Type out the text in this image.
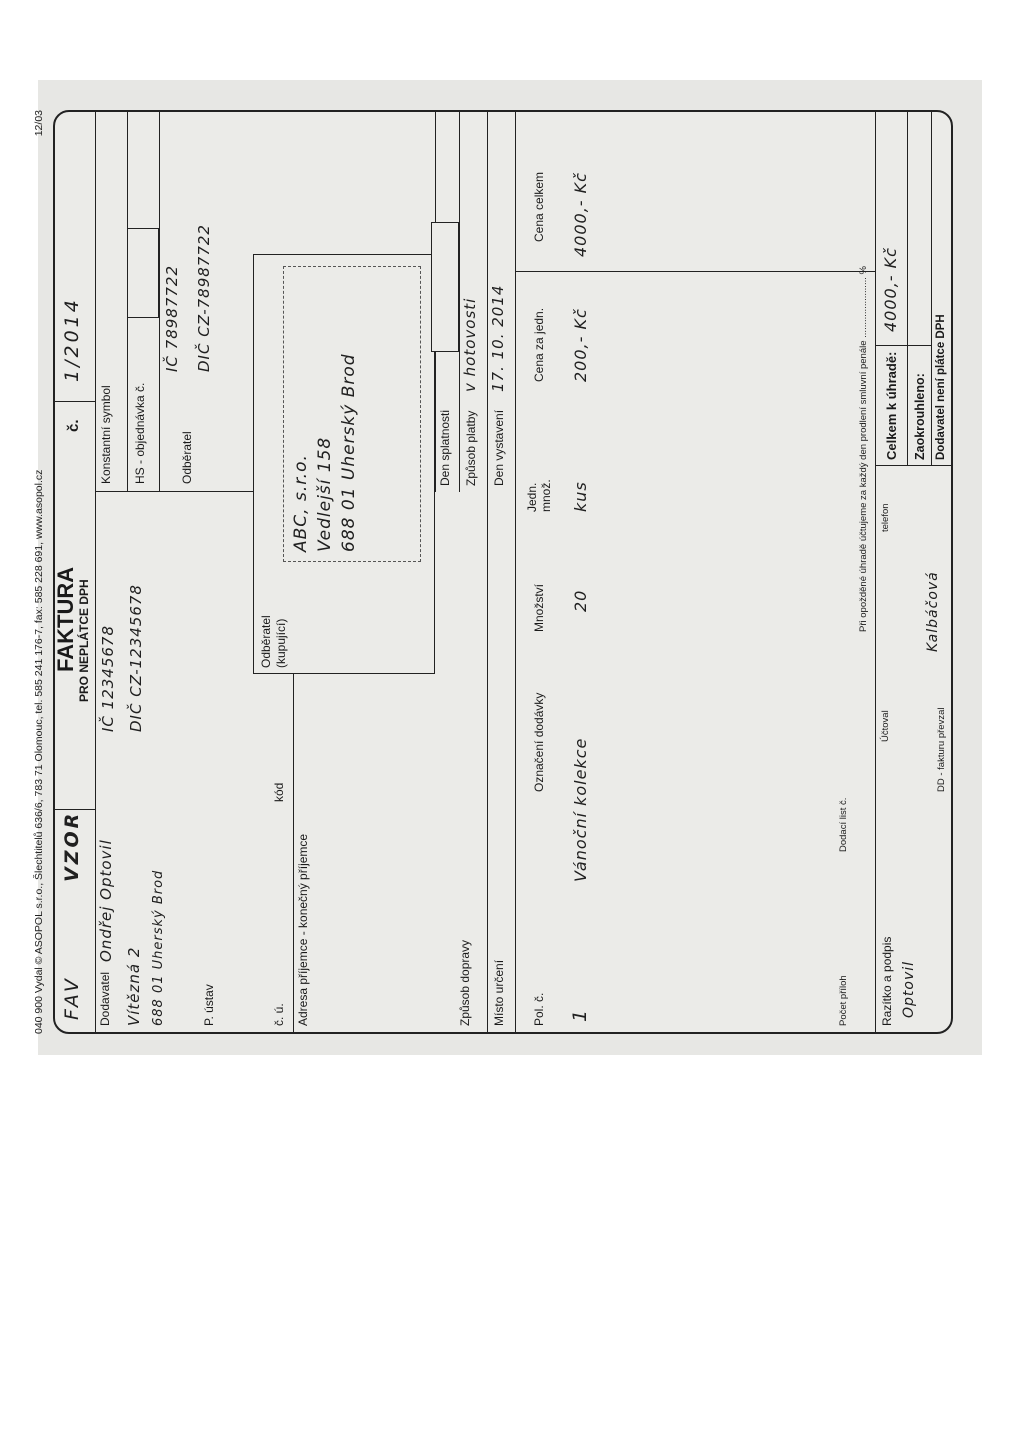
040 900 Vydal © ASOPOL s.r.o., Šlechtitelů 636/6, 783 71 Olomouc, tel. 585 241 176-7, fax: 585 228 691, www.asopol.cz
12/03
FAV
VZOR
FAKTURA PRO NEPLÁTCE DPH
č.
1/2014
Dodavatel
Ondřej Optovil
Vítězná 2 688 01 Uherský Brod
IČ 12345678 DIČ CZ-12345678
Konstantní symbol HS - objednávka č.	Odběratel
IČ 78987722 DIČ CZ-78987722
P. ústav	č. ú.
kód
Odběratel (kupující)
ABC, s.r.o. Vedlejší 158 688 01 Uherský Brod
Adresa příjemce - konečný příjemce
Den splatnosti Způsob platby
v hotovosti
Den vystavení
17. 10. 2014
Způsob dopravy Místo určení Pol. č.
Označení dodávky
Množství
Jedn. množ.
Cena za jedn.
Cena celkem
1
Vánoční kolekce
20
kus
200,- Kč
4000,- Kč
Počet příloh
Dodací list č.
Při opožděné úhradě účtujeme za každý den prodlení smluvní penále ....................... %
Razítko a podpis Optovil
Účtoval
telefon
Celkem k úhradě:
4000,- Kč
Zaokrouhleno: Dodavatel není plátce DPH
DD - fakturu převzal
Kalbáčová
